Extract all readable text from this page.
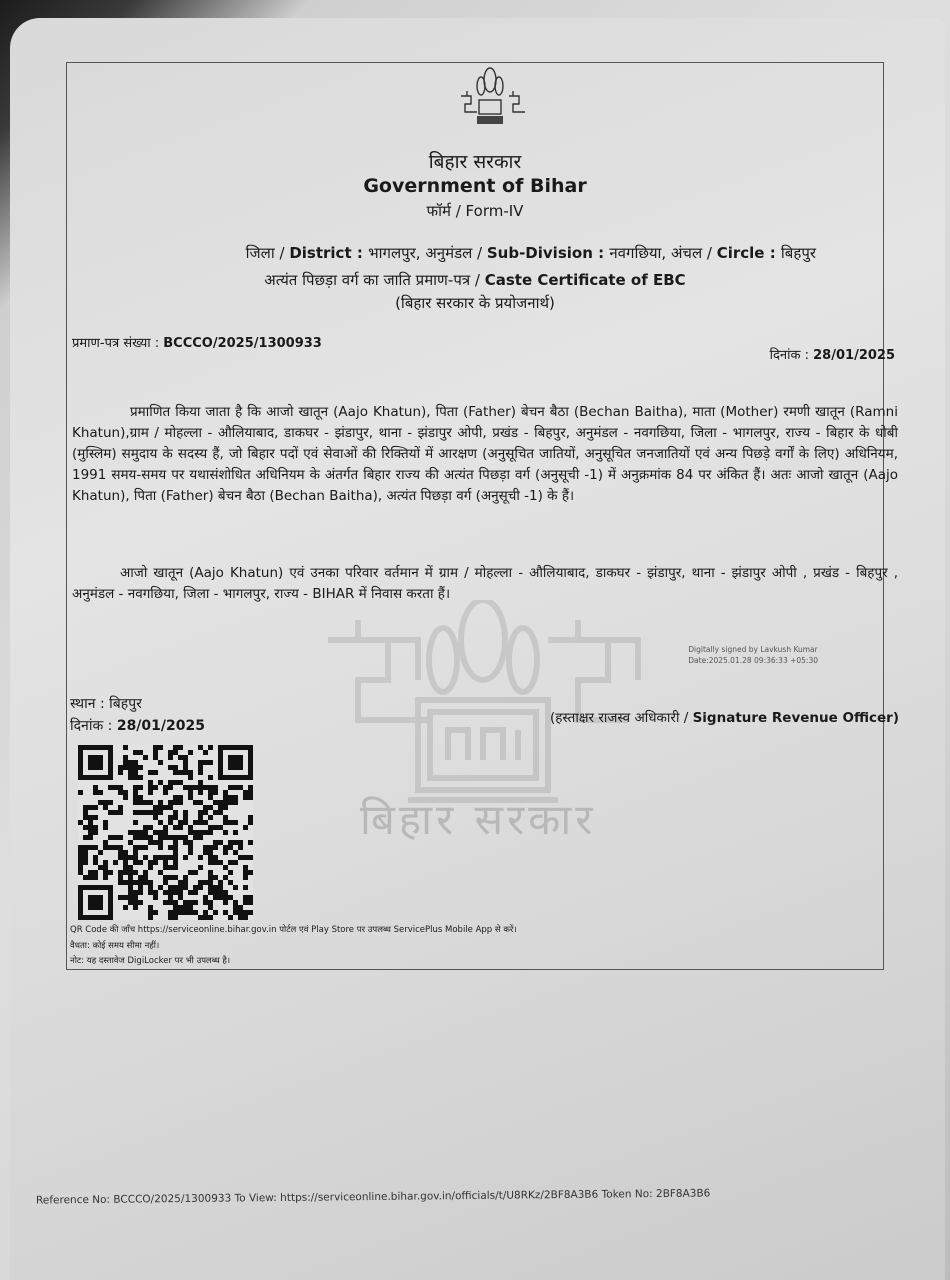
बिहार सरकार
बिहार सरकार
Government of Bihar
फॉर्म / Form-IV
जिला / District : भागलपुर, अनुमंडल / Sub-Division : नवगछिया, अंचल / Circle : बिहपुर
अत्यंत पिछड़ा वर्ग का जाति प्रमाण-पत्र / Caste Certificate of EBC
(बिहार सरकार के प्रयोजनार्थ)
प्रमाण-पत्र संख्या : BCCCO/2025/1300933
दिनांक : 28/01/2025
प्रमाणित किया जाता है कि आजो खातून (Aajo Khatun), पिता (Father) बेचन बैठा (Bechan Baitha), माता (Mother) रमणी खातून (Ramni Khatun),ग्राम / मोहल्ला - औलियाबाद, डाकघर - झंडापुर, थाना - झंडापुर ओपी, प्रखंड - बिहपुर, अनुमंडल - नवगछिया, जिला - भागलपुर, राज्य - बिहार के धोबी (मुस्लिम) समुदाय के सदस्य हैं, जो बिहार पदों एवं सेवाओं की रिक्तियों में आरक्षण (अनुसूचित जातियों, अनुसूचित जनजातियों एवं अन्य पिछड़े वर्गों के लिए) अधिनियम, 1991 समय-समय पर यथासंशोधित अधिनियम के अंतर्गत बिहार राज्य की अत्यंत पिछड़ा वर्ग (अनुसूची -1) में अनुक्रमांक 84 पर अंकित हैं। अतः आजो खातून (Aajo Khatun), पिता (Father) बेचन बैठा (Bechan Baitha), अत्यंत पिछड़ा वर्ग (अनुसूची -1) के हैं।
आजो खातून (Aajo Khatun) एवं उनका परिवार वर्तमान में ग्राम / मोहल्ला - औलियाबाद, डाकघर - झंडापुर, थाना - झंडापुर ओपी , प्रखंड - बिहपुर , अनुमंडल - नवगछिया, जिला - भागलपुर, राज्य - BIHAR में निवास करता हैं।
Digitally signed by Lavkush Kumar
Date:2025.01.28 09:36:33 +05:30
स्थान : बिहपुर
दिनांक : 28/01/2025	(हस्ताक्षर राजस्व अधिकारी / Signature Revenue Officer)
QR Code की जाँच https://serviceonline.bihar.gov.in पोर्टल एवं Play Store पर उपलब्ध ServicePlus Mobile App से करें।
वैधता: कोई समय सीमा नहीं।
नोट: यह दस्तावेज DigiLocker पर भी उपलब्ध है।
Reference No: BCCCO/2025/1300933 To View: https://serviceonline.bihar.gov.in/officials/t/U8RKz/2BF8A3B6 Token No: 2BF8A3B6
